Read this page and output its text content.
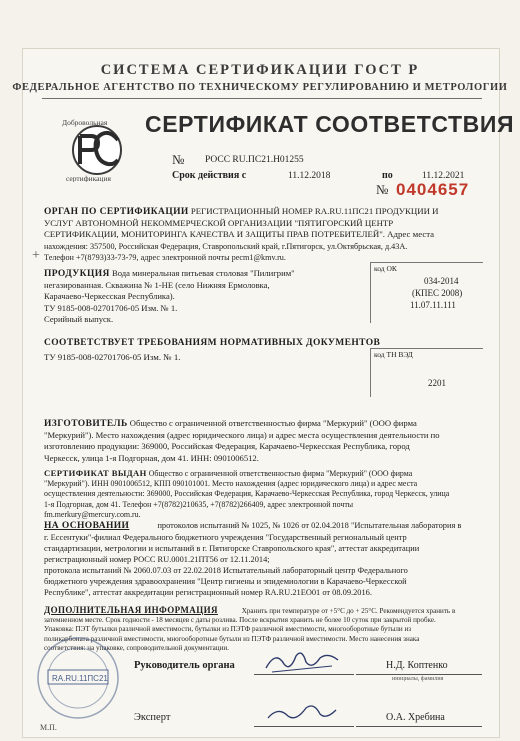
СИСТЕМА СЕРТИФИКАЦИИ ГОСТ Р
ФЕДЕРАЛЬНОЕ АГЕНТСТВО ПО ТЕХНИЧЕСКОМУ РЕГУЛИРОВАНИЮ И МЕТРОЛОГИИ
Добровольная
сертификация
СЕРТИФИКАТ СООТВЕТСТВИЯ
№ РОСС RU.ПС21.Н01255
Срок действия с	11.12.2018	по	11.12.2021
№ 0404657
ОРГАН ПО СЕРТИФИКАЦИИ РЕГИСТРАЦИОННЫЙ НОМЕР RA.RU.11ПС21 ПРОДУКЦИИ И
УСЛУГ АВТОНОМНОЙ НЕКОММЕРЧЕСКОЙ ОРГАНИЗАЦИИ "ПЯТИГОРСКИЙ ЦЕНТР
СЕРТИФИКАЦИИ, МОНИТОРИНГА КАЧЕСТВА И ЗАЩИТЫ ПРАВ ПОТРЕБИТЕЛЕЙ". Адрес места
нахождения: 357500, Российская Федерация, Ставропольский край, г.Пятигорск, ул.Октябрьская, д.43А.
Телефон +7(8793)33-73-79, адрес электронной почты pecm1@kmv.ru.
+
ПРОДУКЦИЯ Вода минеральная питьевая столовая "Пилигрим"
негазированная. Скважина № 1-НЕ (село Нижняя Ермоловка,
Карачаево-Черкесская Республика).
ТУ 9185-008-02701706-05 Изм. № 1.
Серийный выпуск.
код ОК
034-2014
(КПЕС 2008)
11.07.11.111
СООТВЕТСТВУЕТ ТРЕБОВАНИЯМ НОРМАТИВНЫХ ДОКУМЕНТОВ
ТУ 9185-008-02701706-05 Изм. № 1.	код ТН ВЭД
2201
ИЗГОТОВИТЕЛЬ Общество с ограниченной ответственностью фирма "Меркурий" (ООО фирма
"Меркурий"). Место нахождения (адрес юридического лица) и адрес места осуществления деятельности по
изготовлению продукции: 369000, Российская Федерация, Карачаево-Черкесская Республика, город
Черкесск, улица 1-я Подгорная, дом 41. ИНН: 0901006512.
СЕРТИФИКАТ ВЫДАН Общество с ограниченной ответственностью фирма "Меркурий" (ООО фирма
"Меркурий"). ИНН 0901006512, КПП 090101001. Место нахождения (адрес юридического лица) и адрес места
осуществления деятельности: 369000, Российская Федерация, Карачаево-Черкесская Республика, город Черкесск, улица
1-я Подгорная, дом 41. Телефон +7(8782)210635, +7(8782)266409, адрес электронной почты
fm.merkury@mercury.com.ru.
НА ОСНОВАНИИ	протоколов испытаний № 1025, № 1026 от 02.04.2018 "Испытательная лаборатория в
г. Ессентуки"-филиал Федерального бюджетного учреждения "Государственный региональный центр
стандартизации, метрологии и испытаний в г. Пятигорске Ставропольского края", аттестат аккредитации
регистрационный номер РОСС RU.0001.21ПТ56 от 12.11.2014;
протокола испытаний № 2060.07.03 от 22.02.2018 Испытательный лабораторный центр Федерального
бюджетного учреждения здравоохранения "Центр гигиены и эпидемиологии в Карачаево-Черкесской
Республике", аттестат аккредитации регистрационный номер RA.RU.21ЕО01 от 08.09.2016.
ДОПОЛНИТЕЛЬНАЯ ИНФОРМАЦИЯ	Хранить при температуре от +5°С до + 25°С. Рекомендуется хранить в
затемненном месте. Срок годности - 18 месяцев с даты розлива. После вскрытия хранить не более 10 суток при закрытой пробке.
Упаковка: ПЭТ бутылки различной вместимости, бутылки из ПЭТФ различной вместимости, многооборотные бутыли из
поликарбоната различной вместимости, многооборотные бутыли из ПЭТФ различной вместимости. Место нанесения знака
соответствия: на упаковке, сопроводительной документации.
RA.RU.11ПС21
М.П.
Руководитель органа	Н.Д. Коптенко
инициалы, фамилия
Эксперт	О.А. Хребина
